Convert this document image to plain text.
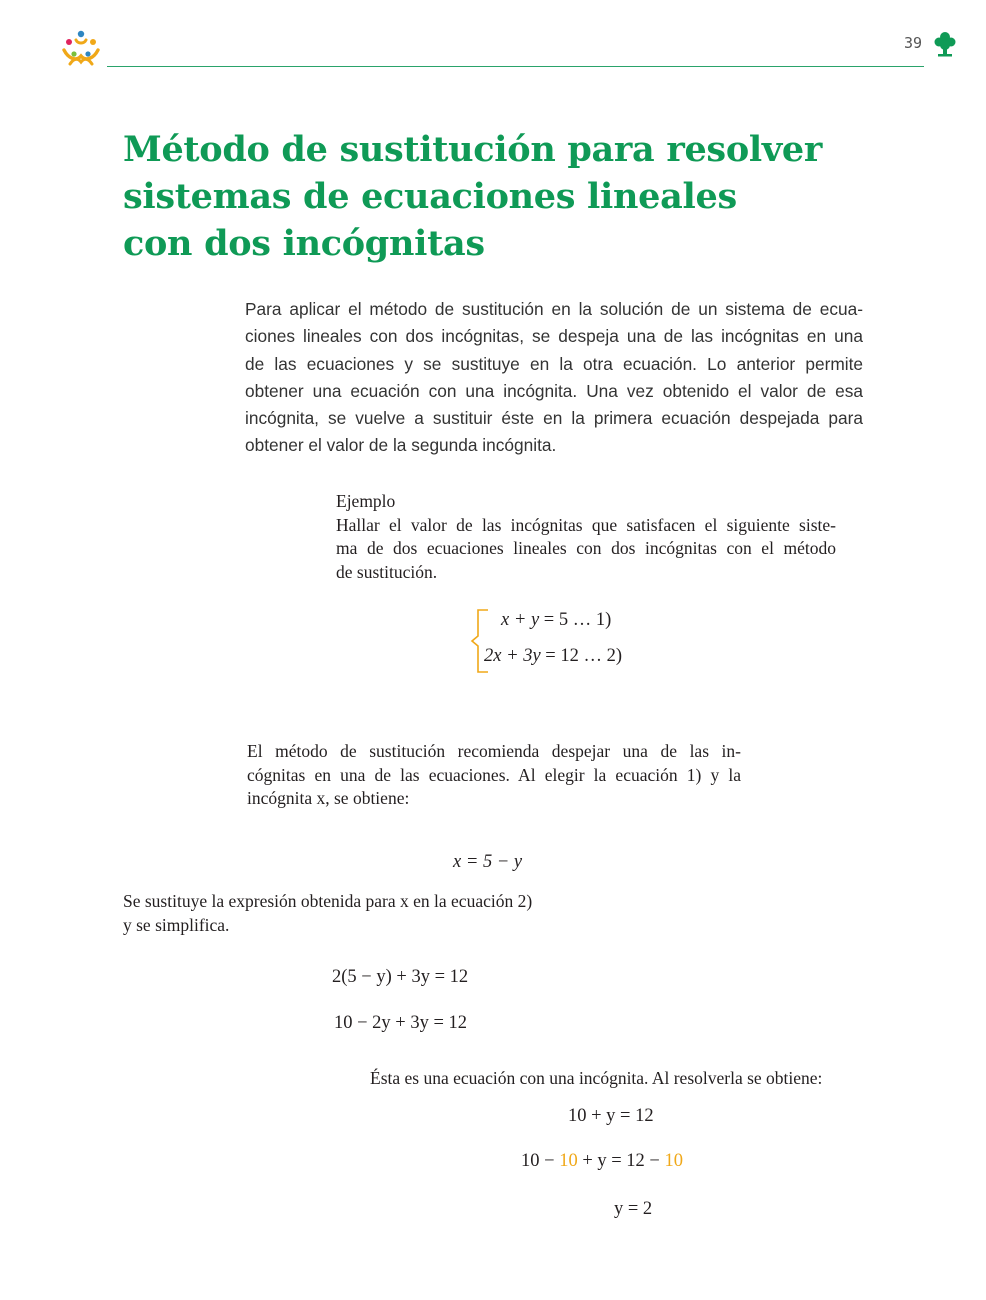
39
Método de sustitución para resolver
sistemas de ecuaciones lineales
con dos incógnitas
Para aplicar el método de sustitución en la solución de un sistema de ecua-
ciones lineales con dos incógnitas, se despeja una de las incógnitas en una
de las ecuaciones y se sustituye en la otra ecuación. Lo anterior permite
obtener una ecuación con una incógnita. Una vez obtenido el valor de esa
incógnita, se vuelve a sustituir éste en la primera ecuación despejada para
obtener el valor de la segunda incógnita.
Ejemplo
Hallar el valor de las incógnitas que satisfacen el siguiente siste-
ma de dos ecuaciones lineales con dos incógnitas con el método
de sustitución.
x + y = 5 … 1)
2x + 3y = 12 … 2)
El método de sustitución recomienda despejar una de las in-
cógnitas en una de las ecuaciones. Al elegir la ecuación 1) y la
incógnita x, se obtiene:
x = 5 − y
Se sustituye la expresión obtenida para x en la ecuación 2)
y se simplifica.
2(5 − y) + 3y = 12
10 − 2y + 3y = 12
Ésta es una ecuación con una incógnita. Al resolverla se obtiene:
10 + y = 12
10 − 10 + y = 12 − 10
y = 2
